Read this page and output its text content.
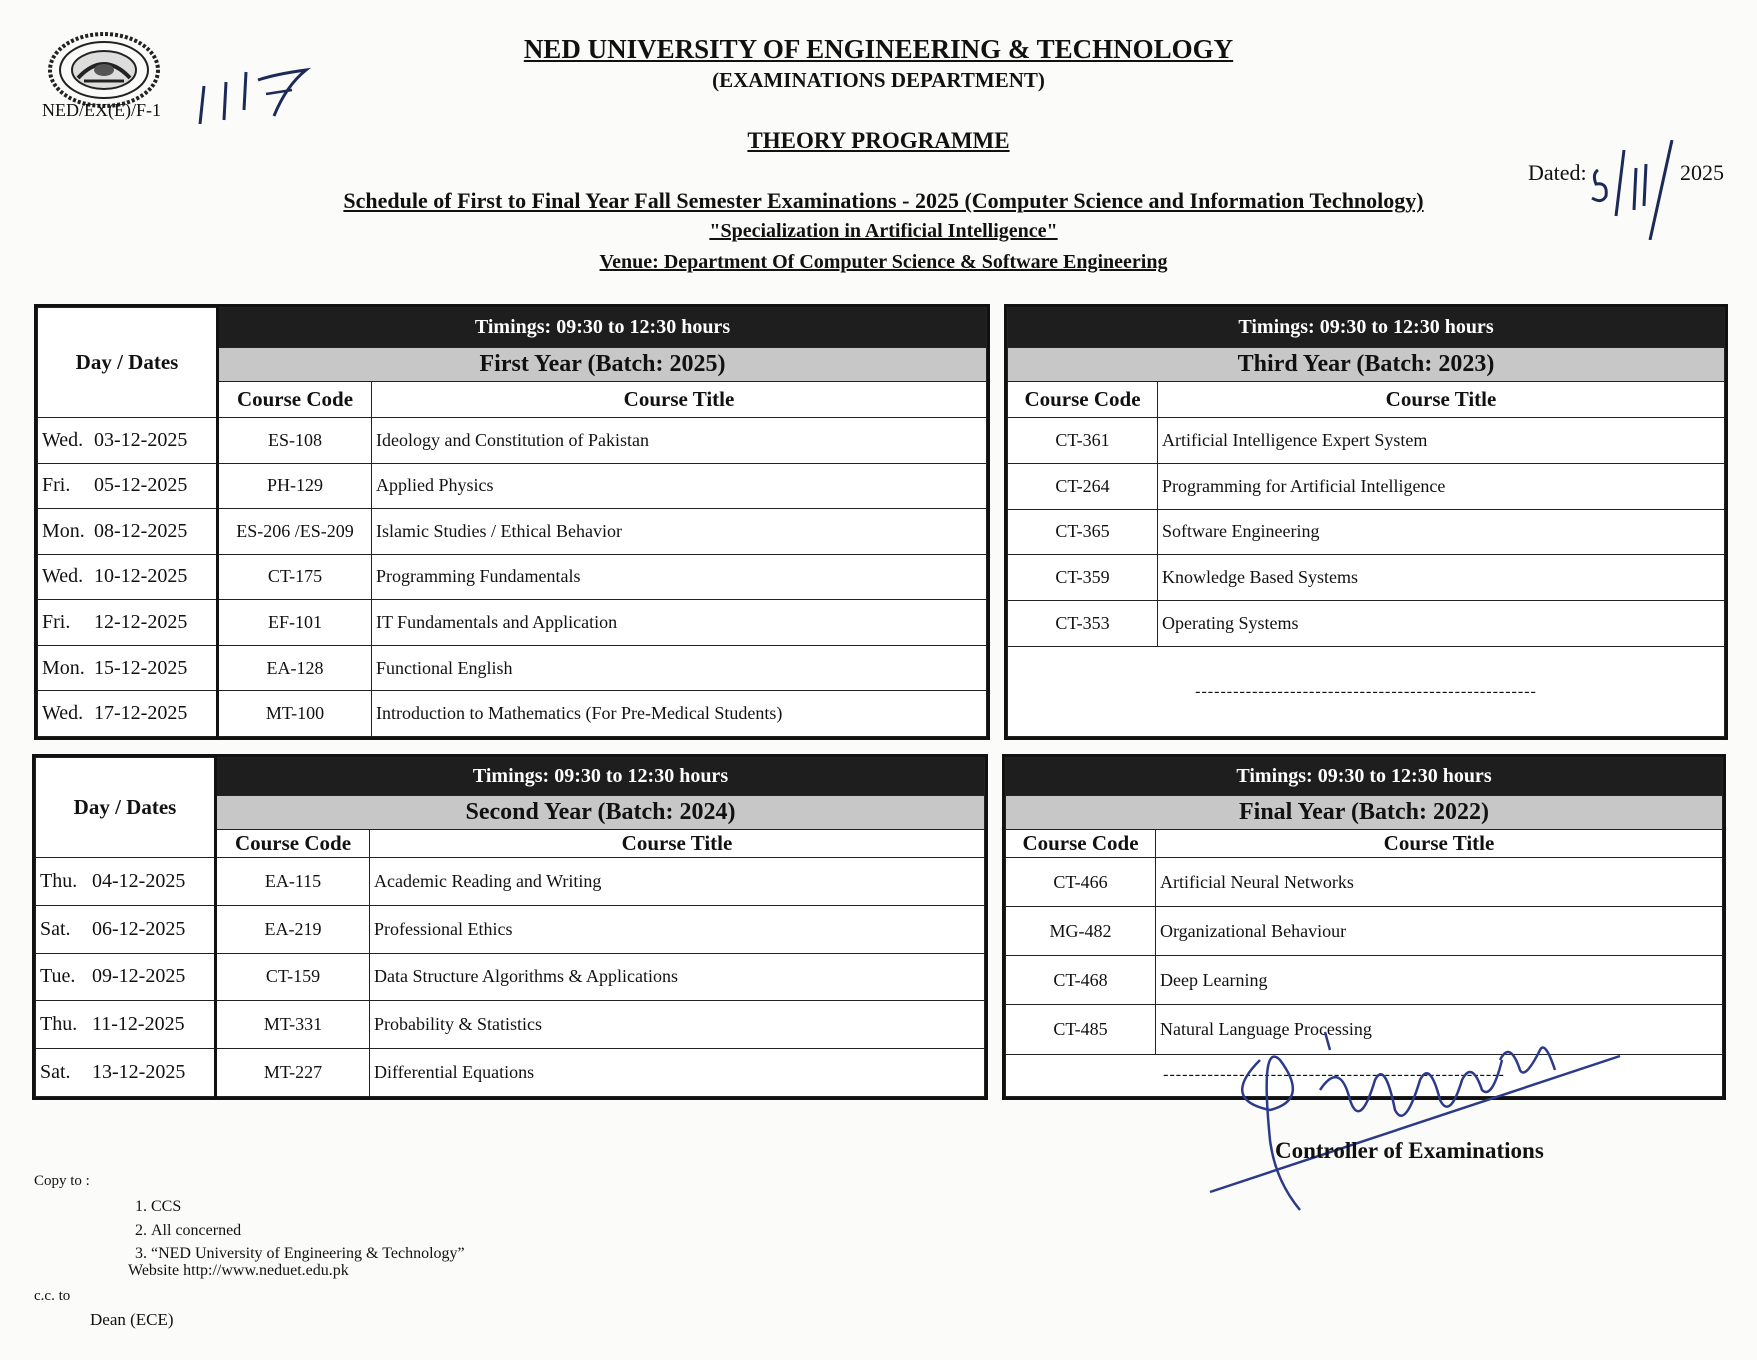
NED/EX(E)/F-1
NED UNIVERSITY OF ENGINEERING & TECHNOLOGY
(EXAMINATIONS DEPARTMENT)
THEORY PROGRAMME
Dated:	2025
Schedule of First to Final Year Fall Semester Examinations - 2025 (Computer Science and Information Technology)
"Specialization in Artificial Intelligence"
Venue: Department Of Computer Science & Software Engineering
Day / Dates	Timings: 09:30 to 12:30 hours	
	First Year (Batch: 2025)	
	Course Code	Course Title
Wed. 03-12-2025	ES-108	Ideology and Constitution of Pakistan
Fri. 05-12-2025	PH-129	Applied Physics
Mon. 08-12-2025	ES-206 /ES-209	Islamic Studies / Ethical Behavior
Wed. 10-12-2025	CT-175	Programming Fundamentals
Fri. 12-12-2025	EF-101	IT Fundamentals and Application
Mon. 15-12-2025	EA-128	Functional English
Wed. 17-12-2025	MT-100	Introduction to Mathematics (For Pre-Medical Students)
Timings: 09:30 to 12:30 hours	
Third Year (Batch: 2023)	
Course Code	Course Title
CT-361	Artificial Intelligence Expert System
CT-264	Programming for Artificial Intelligence
CT-365	Software Engineering
CT-359	Knowledge Based Systems
CT-353	Operating Systems
------------------------------------------------------	
Day / Dates	Timings: 09:30 to 12:30 hours	
	Second Year (Batch: 2024)	
	Course Code	Course Title
Thu. 04-12-2025	EA-115	Academic Reading and Writing
Sat. 06-12-2025	EA-219	Professional Ethics
Tue. 09-12-2025	CT-159	Data Structure Algorithms & Applications
Thu. 11-12-2025	MT-331	Probability & Statistics
Sat. 13-12-2025	MT-227	Differential Equations
Timings: 09:30 to 12:30 hours	
Final Year (Batch: 2022)	
Course Code	Course Title
CT-466	Artificial Neural Networks
MG-482	Organizational Behaviour
CT-468	Deep Learning
CT-485	Natural Language Processing
------------------------------------------------------	
Controller of Examinations
Copy to :
1. CCS
2. All concerned
3. “NED University of Engineering & Technology”
Website http://www.neduet.edu.pk
c.c. to
Dean (ECE)
